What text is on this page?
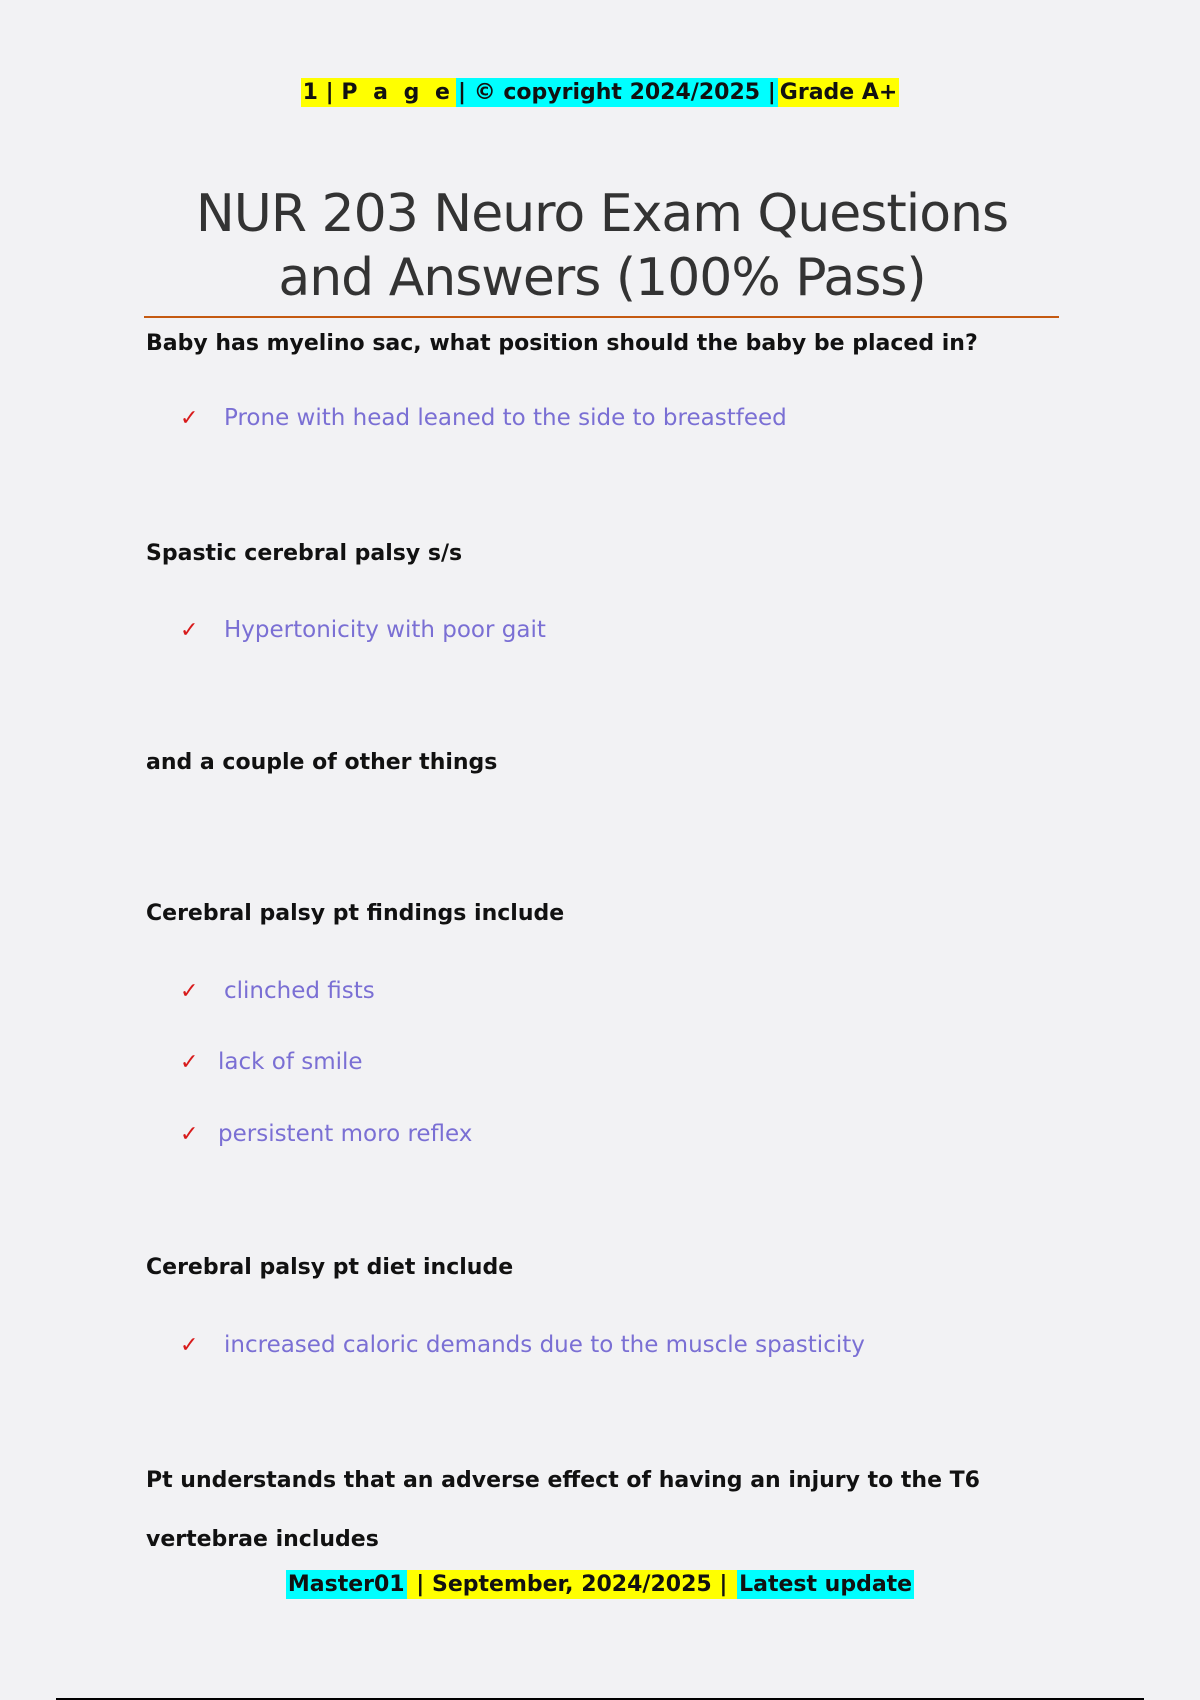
1 | P a g e | © copyright 2024/2025 | Grade A+
NUR 203 Neuro Exam Questions and Answers (100% Pass)

Baby has myelino sac, what position should the baby be placed in?

✓ Prone with head leaned to the side to breastfeed

Spastic cerebral palsy s/s

✓ Hypertonicity with poor gait

and a couple of other things

Cerebral palsy pt findings include

✓ clinched fists
✓ lack of smile
✓ persistent moro reflex

Cerebral palsy pt diet include

✓ increased caloric demands due to the muscle spasticity

Pt understands that an adverse effect of having an injury to the T6 vertebrae includes

Master01 | September, 2024/2025 | Latest update
